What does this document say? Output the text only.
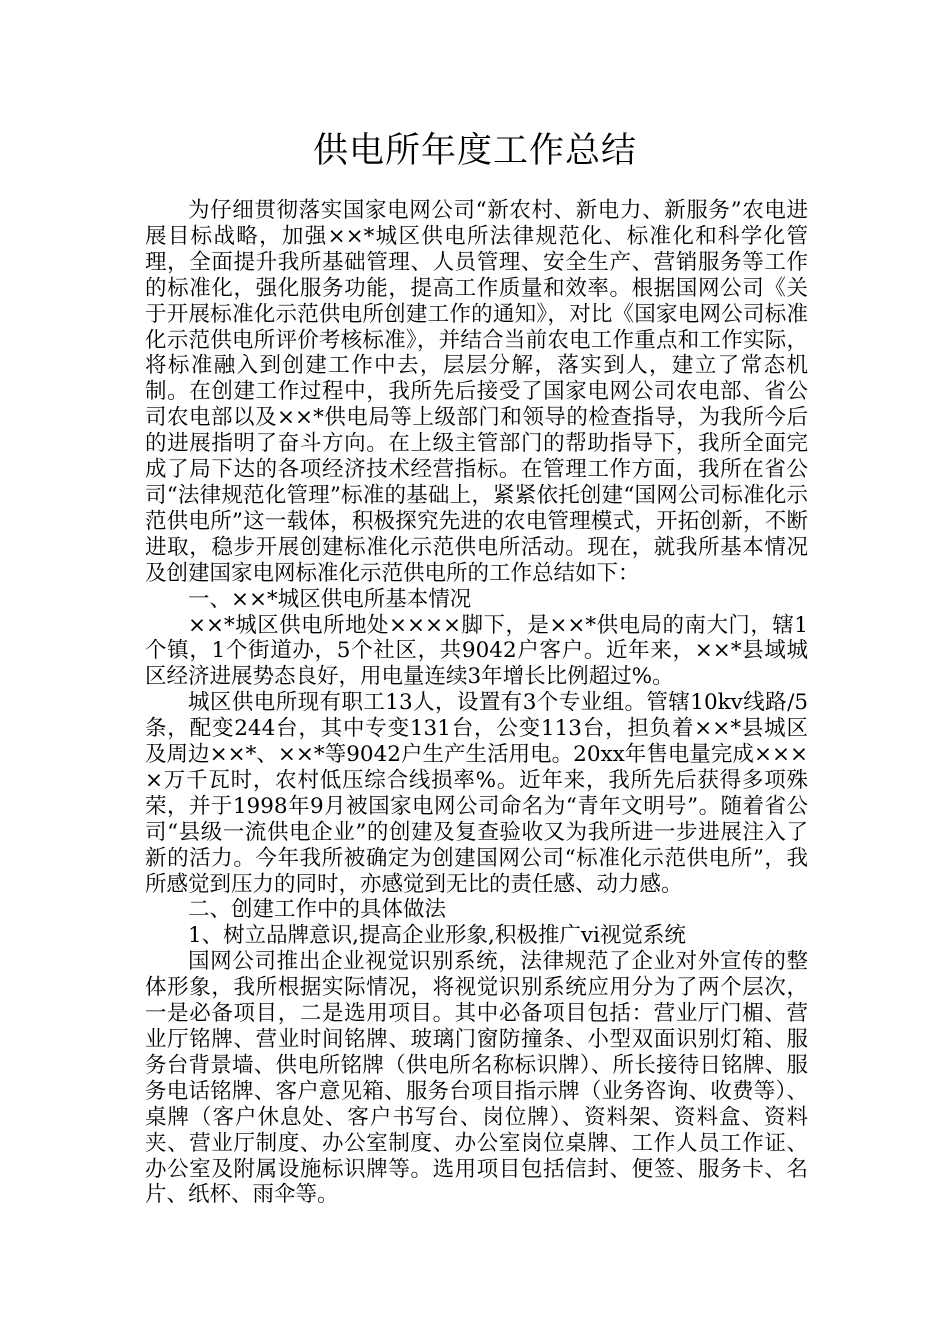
供电所年度工作总结

为仔细贯彻落实国家电网公司“新农村、新电力、新服务”农电进展目标战略，加强××*城区供电所法律规范化、标准化和科学化管理，全面提升我所基础管理、人员管理、安全生产、营销服务等工作的标准化，强化服务功能，提高工作质量和效率。根据国网公司《关于开展标准化示范供电所创建工作的通知》，对比《国家电网公司标准化示范供电所评价考核标准》，并结合当前农电工作重点和工作实际，将标准融入到创建工作中去，层层分解，落实到人，建立了常态机制。在创建工作过程中，我所先后接受了国家电网公司农电部、省公司农电部以及××*供电局等上级部门和领导的检查指导，为我所今后的进展指明了奋斗方向。在上级主管部门的帮助指导下，我所全面完成了局下达的各项经济技术经营指标。在管理工作方面，我所在省公司“法律规范化管理”标准的基础上，紧紧依托创建“国网公司标准化示范供电所”这一载体，积极探究先进的农电管理模式，开拓创新，不断进取，稳步开展创建标准化示范供电所活动。现在，就我所基本情况及创建国家电网标准化示范供电所的工作总结如下：

一、××*城区供电所基本情况

××*城区供电所地处××××脚下，是××*供电局的南大门，辖1个镇，1个街道办，5个社区，共9042户客户。近年来，××*县域城区经济进展势态良好，用电量连续3年增长比例超过%。

城区供电所现有职工13人，设置有3个专业组。管辖10kv线路/5条，配变244台，其中专变131台，公变113台，担负着××*县城区及周边××*、××*等9042户生产生活用电。20xx年售电量完成××××万千瓦时，农村低压综合线损率%。近年来，我所先后获得多项殊荣，并于1998年9月被国家电网公司命名为“青年文明号”。随着省公司“县级一流供电企业”的创建及复查验收又为我所进一步进展注入了新的活力。今年我所被确定为创建国网公司“标准化示范供电所”，我所感觉到压力的同时，亦感觉到无比的责任感、动力感。

二、创建工作中的具体做法

1、树立品牌意识,提高企业形象,积极推广vi视觉系统

国网公司推出企业视觉识别系统，法律规范了企业对外宣传的整体形象，我所根据实际情况，将视觉识别系统应用分为了两个层次，一是必备项目，二是选用项目。其中必备项目包括：营业厅门楣、营业厅铭牌、营业时间铭牌、玻璃门窗防撞条、小型双面识别灯箱、服务台背景墙、供电所铭牌（供电所名称标识牌）、所长接待日铭牌、服务电话铭牌、客户意见箱、服务台项目指示牌（业务咨询、收费等）、桌牌（客户休息处、客户书写台、岗位牌）、资料架、资料盒、资料夹、营业厅制度、办公室制度、办公室岗位桌牌、工作人员工作证、办公室及附属设施标识牌等。选用项目包括信封、便签、服务卡、名片、纸杯、雨伞等。
